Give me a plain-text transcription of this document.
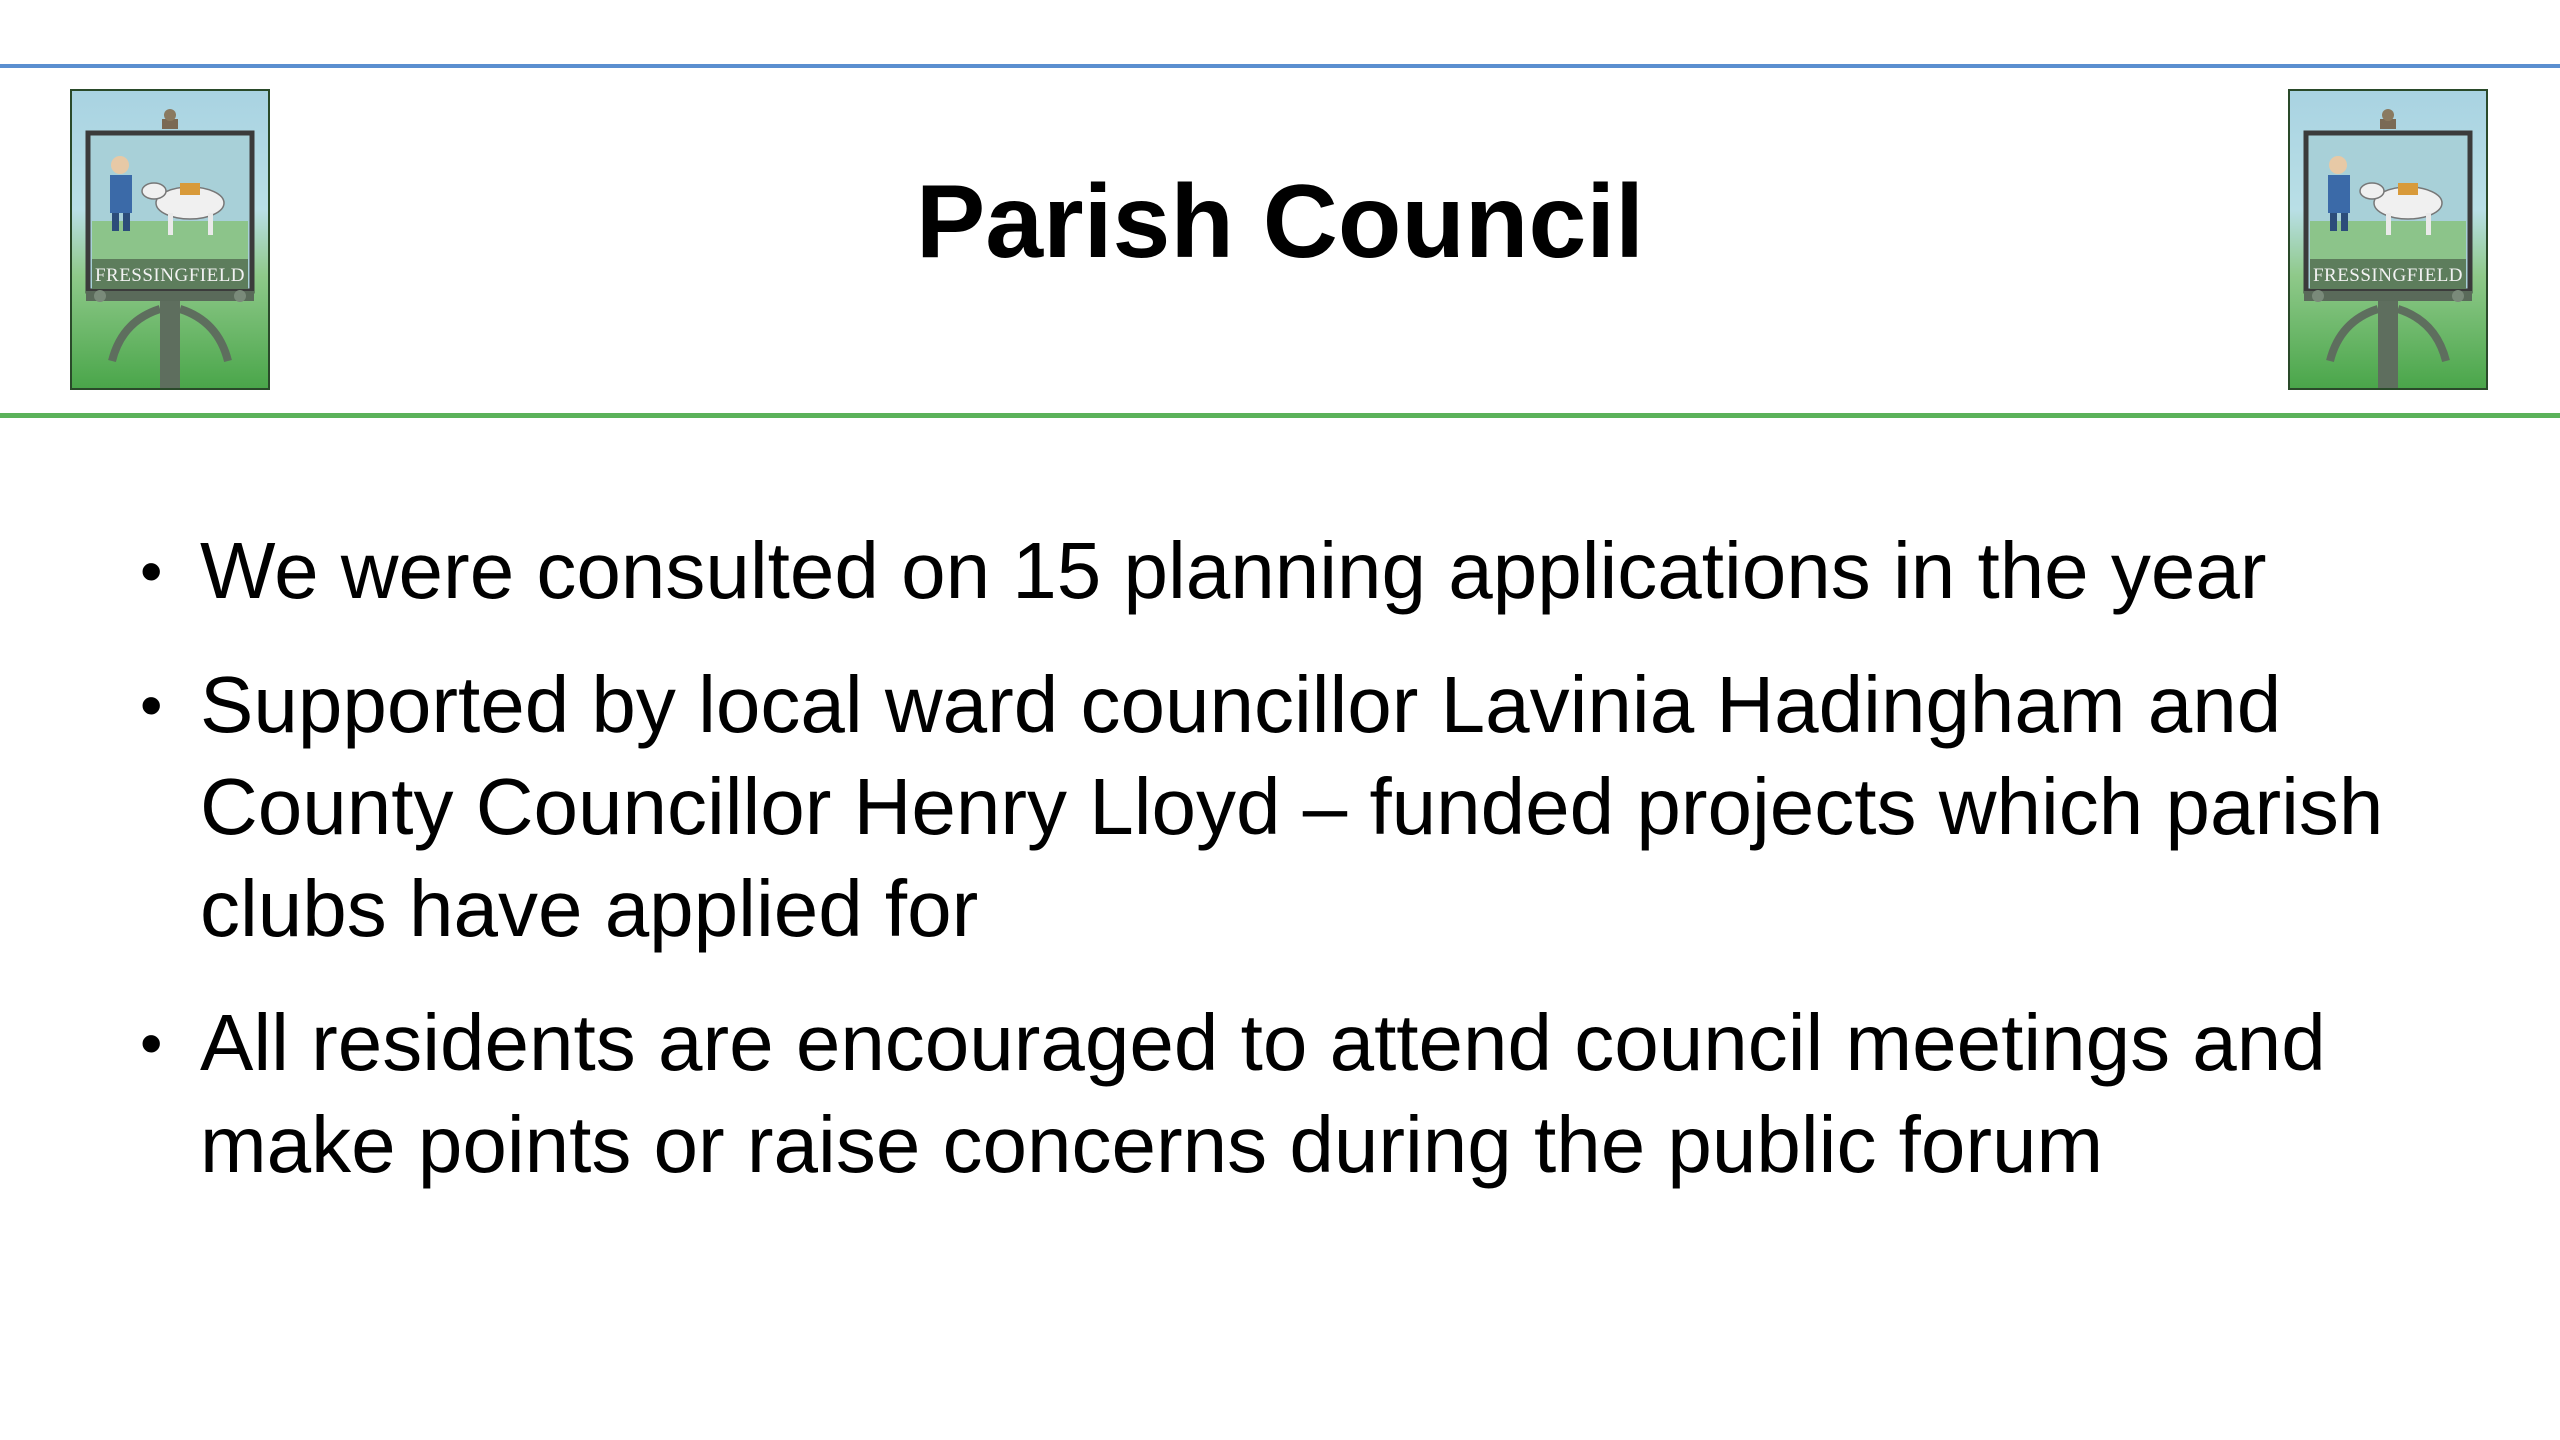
FRESSINGFIELD	Parish Council	FRESSINGFIELD
• We were consulted on 15 planning applications in the year
• Supported by local ward councillor Lavinia Hadingham and County Councillor Henry Lloyd – funded projects which parish clubs have applied for
• All residents are encouraged to attend council meetings and make points or raise concerns during the public forum
